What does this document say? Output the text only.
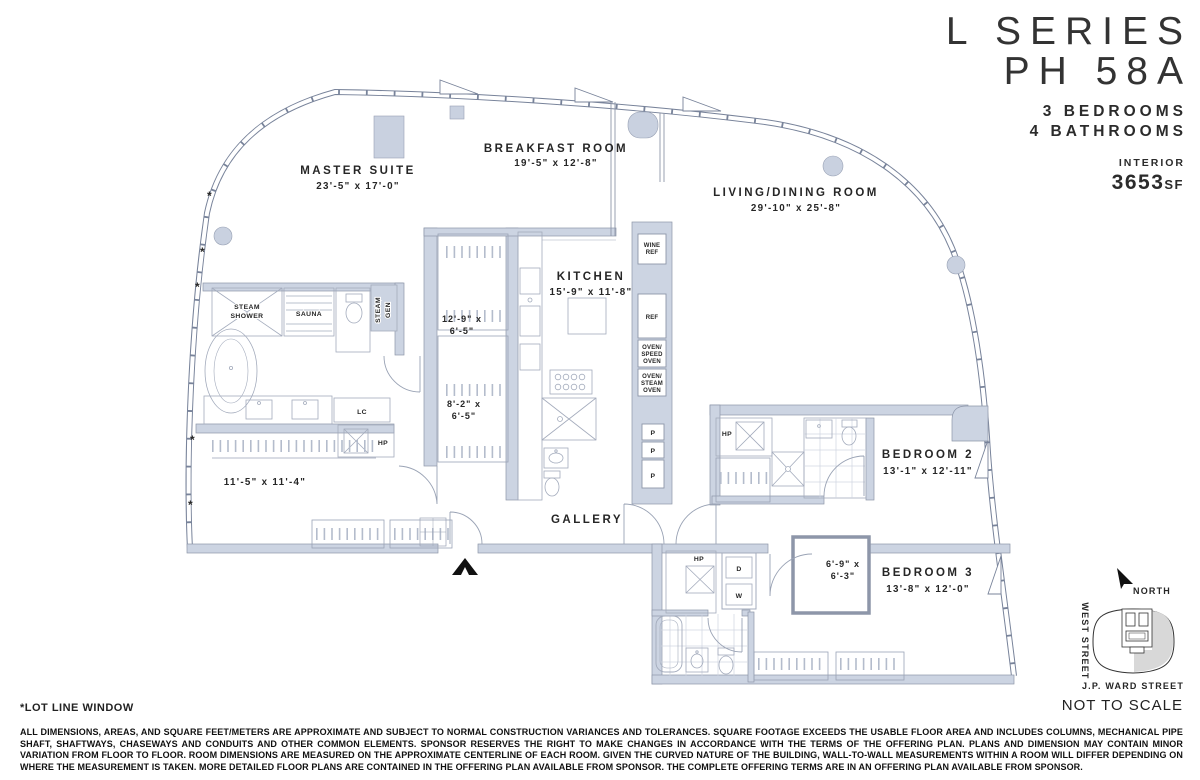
*
*
*
*
*
MASTER SUITE
23'-5" x 17'-0"
BREAKFAST ROOM
19'-5" x 12'-8"
LIVING/DINING ROOM
29'-10" x 25'-8"
KITCHEN
15'-9" x 11'-8"
BEDROOM 2
13'-1" x 12'-11"
BEDROOM 3
13'-8" x 12'-0"
GALLERY
11'-5" x 11'-4"
12'-9" x
6'-5"
8'-2" x
6'-5"
6'-9" x
6'-3"
STEAM
SHOWER	SAUNA	STEAM GEN
LC
HP
HP
HP
WINE
REF
REF
OVEN/
SPEED
OVEN
OVEN/
STEAM
OVEN
P
P
P
D
W
NORTH
WEST STREET
J.P. WARD STREET
L SERIES
PH 58A
3 BEDROOMS
4 BATHROOMS
INTERIOR
3653SF
*LOT LINE WINDOW	NOT TO SCALE
ALL DIMENSIONS, AREAS, AND SQUARE FEET/METERS ARE APPROXIMATE AND SUBJECT TO NORMAL CONSTRUCTION VARIANCES AND TOLERANCES. SQUARE FOOTAGE EXCEEDS THE USABLE FLOOR AREA AND INCLUDES COLUMNS, MECHANICAL PIPE SHAFT, SHAFTWAYS, CHASEWAYS AND CONDUITS AND OTHER COMMON ELEMENTS. SPONSOR RESERVES THE RIGHT TO MAKE CHANGES IN ACCORDANCE WITH THE TERMS OF THE OFFERING PLAN. PLANS AND DIMENSION MAY CONTAIN MINOR VARIATION FROM FLOOR TO FLOOR. ROOM DIMENSIONS ARE MEASURED ON THE APPROXIMATE CENTERLINE OF EACH ROOM. GIVEN THE CURVED NATURE OF THE BUILDING, WALL-TO-WALL MEASUREMENTS WITHIN A ROOM WILL DIFFER DEPENDING ON WHERE THE MEASUREMENT IS TAKEN. MORE DETAILED FLOOR PLANS ARE CONTAINED IN THE OFFERING PLAN AVAILABLE FROM SPONSOR. THE COMPLETE OFFERING TERMS ARE IN AN OFFERING PLAN AVAILABLE FROM SPONSOR.
